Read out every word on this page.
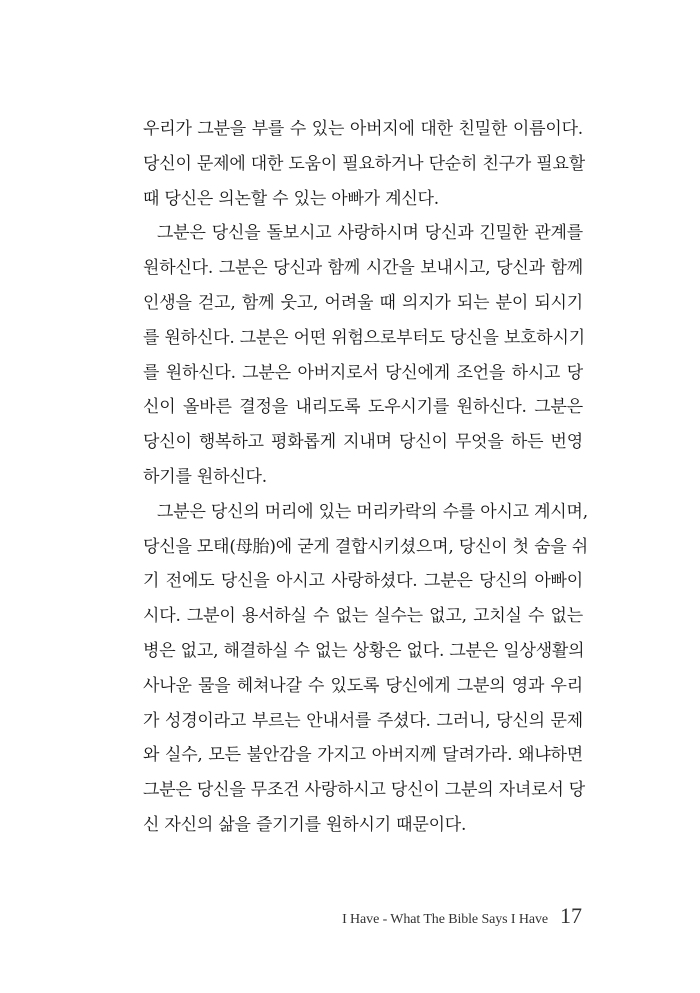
우리가 그분을 부를 수 있는 아버지에 대한 친밀한 이름이다.
당신이 문제에 대한 도움이 필요하거나 단순히 친구가 필요할
때 당신은 의논할 수 있는 아빠가 계신다.
그분은 당신을 돌보시고 사랑하시며 당신과 긴밀한 관계를
원하신다. 그분은 당신과 함께 시간을 보내시고, 당신과 함께
인생을 걷고, 함께 웃고, 어려울 때 의지가 되는 분이 되시기
를 원하신다. 그분은 어떤 위험으로부터도 당신을 보호하시기
를 원하신다. 그분은 아버지로서 당신에게 조언을 하시고 당
신이 올바른 결정을 내리도록 도우시기를 원하신다. 그분은
당신이 행복하고 평화롭게 지내며 당신이 무엇을 하든 번영
하기를 원하신다.
그분은 당신의 머리에 있는 머리카락의 수를 아시고 계시며,
당신을 모태(母胎)에 굳게 결합시키셨으며, 당신이 첫 숨을 쉬
기 전에도 당신을 아시고 사랑하셨다. 그분은 당신의 아빠이
시다. 그분이 용서하실 수 없는 실수는 없고, 고치실 수 없는
병은 없고, 해결하실 수 없는 상황은 없다. 그분은 일상생활의
사나운 물을 헤쳐나갈 수 있도록 당신에게 그분의 영과 우리
가 성경이라고 부르는 안내서를 주셨다. 그러니, 당신의 문제
와 실수, 모든 불안감을 가지고 아버지께 달려가라. 왜냐하면
그분은 당신을 무조건 사랑하시고 당신이 그분의 자녀로서 당
신 자신의 삶을 즐기기를 원하시기 때문이다.
I Have - What The Bible Says I Have 17
